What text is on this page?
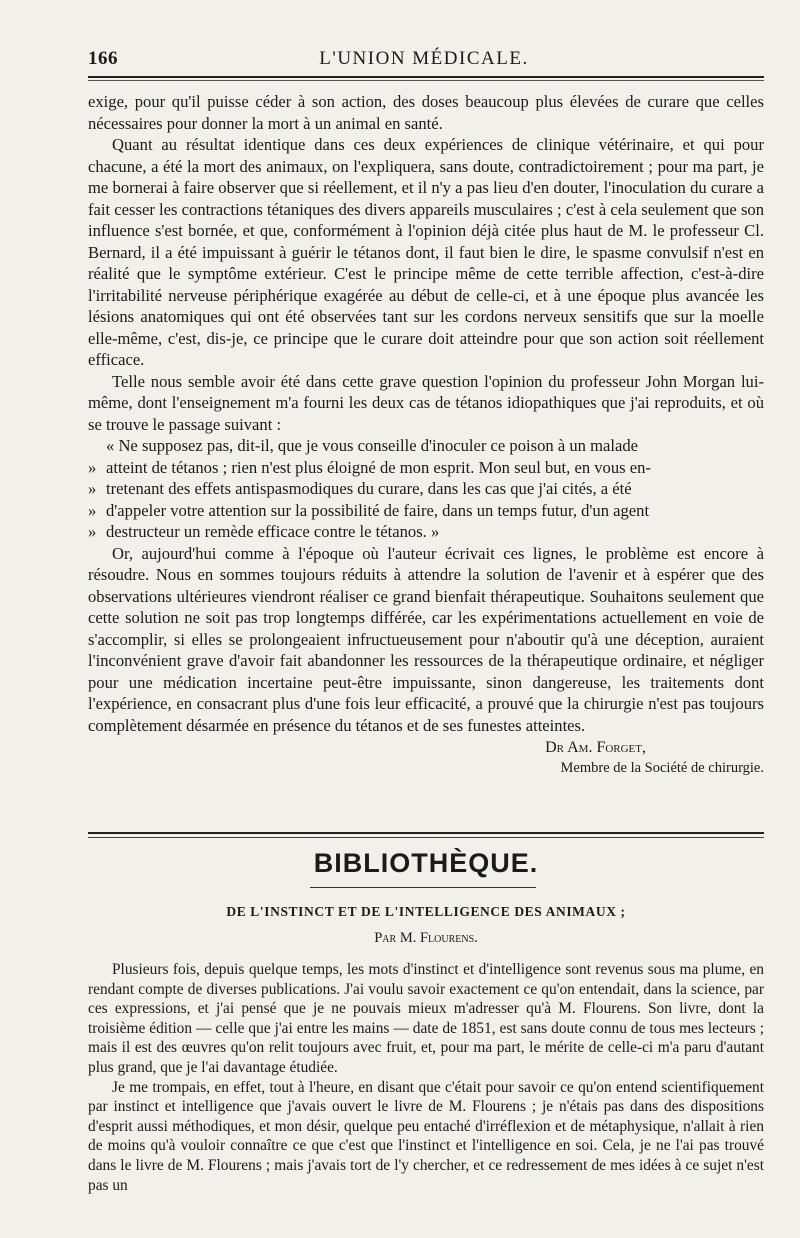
166	L'UNION MÉDICALE.

exige, pour qu'il puisse céder à son action, des doses beaucoup plus élevées de curare que celles nécessaires pour donner la mort à un animal en santé.

Quant au résultat identique dans ces deux expériences de clinique vétérinaire, et qui pour chacune, a été la mort des animaux, on l'expliquera, sans doute, contradictoirement ; pour ma part, je me bornerai à faire observer que si réellement, et il n'y a pas lieu d'en douter, l'inoculation du curare a fait cesser les contractions tétaniques des divers appareils musculaires ; c'est à cela seulement que son influence s'est bornée, et que, conformément à l'opinion déjà citée plus haut de M. le professeur Cl. Bernard, il a été impuissant à guérir le tétanos dont, il faut bien le dire, le spasme convulsif n'est en réalité que le symptôme extérieur. C'est le principe même de cette terrible affection, c'est-à-dire l'irritabilité nerveuse périphérique exagérée au début de celle-ci, et à une époque plus avancée les lésions anatomiques qui ont été observées tant sur les cordons nerveux sensitifs que sur la moelle elle-même, c'est, dis-je, ce principe que le curare doit atteindre pour que son action soit réellement efficace.

Telle nous semble avoir été dans cette grave question l'opinion du professeur John Morgan lui-même, dont l'enseignement m'a fourni les deux cas de tétanos idiopathiques que j'ai reproduits, et où se trouve le passage suivant :

« Ne supposez pas, dit-il, que je vous conseille d'inoculer ce poison à un malade

» atteint de tétanos ; rien n'est plus éloigné de mon esprit. Mon seul but, en vous en-

» tretenant des effets antispasmodiques du curare, dans les cas que j'ai cités, a été

» d'appeler votre attention sur la possibilité de faire, dans un temps futur, d'un agent

» destructeur un remède efficace contre le tétanos. »

Or, aujourd'hui comme à l'époque où l'auteur écrivait ces lignes, le problème est encore à résoudre. Nous en sommes toujours réduits à attendre la solution de l'avenir et à espérer que des observations ultérieures viendront réaliser ce grand bienfait thérapeutique. Souhaitons seulement que cette solution ne soit pas trop longtemps différée, car les expérimentations actuellement en voie de s'accomplir, si elles se prolongeaient infructueusement pour n'aboutir qu'à une déception, auraient l'inconvénient grave d'avoir fait abandonner les ressources de la thérapeutique ordinaire, et négliger pour une médication incertaine peut-être impuissante, sinon dangereuse, les traitements dont l'expérience, en consacrant plus d'une fois leur efficacité, a prouvé que la chirurgie n'est pas toujours complètement désarmée en présence du tétanos et de ses funestes atteintes.

Dr Am. Forget,
Membre de la Société de chirurgie.
BIBLIOTHÈQUE.
DE L'INSTINCT ET DE L'INTELLIGENCE DES ANIMAUX ;
Par M. Flourens.

Plusieurs fois, depuis quelque temps, les mots d'instinct et d'intelligence sont revenus sous ma plume, en rendant compte de diverses publications. J'ai voulu savoir exactement ce qu'on entendait, dans la science, par ces expressions, et j'ai pensé que je ne pouvais mieux m'adresser qu'à M. Flourens. Son livre, dont la troisième édition — celle que j'ai entre les mains — date de 1851, est sans doute connu de tous mes lecteurs ; mais il est des œuvres qu'on relit toujours avec fruit, et, pour ma part, le mérite de celle-ci m'a paru d'autant plus grand, que je l'ai davantage étudiée.

Je me trompais, en effet, tout à l'heure, en disant que c'était pour savoir ce qu'on entend scientifiquement par instinct et intelligence que j'avais ouvert le livre de M. Flourens ; je n'étais pas dans des dispositions d'esprit aussi méthodiques, et mon désir, quelque peu entaché d'irréflexion et de métaphysique, n'allait à rien de moins qu'à vouloir connaître ce que c'est que l'instinct et l'intelligence en soi. Cela, je ne l'ai pas trouvé dans le livre de M. Flourens ; mais j'avais tort de l'y chercher, et ce redressement de mes idées à ce sujet n'est pas un
